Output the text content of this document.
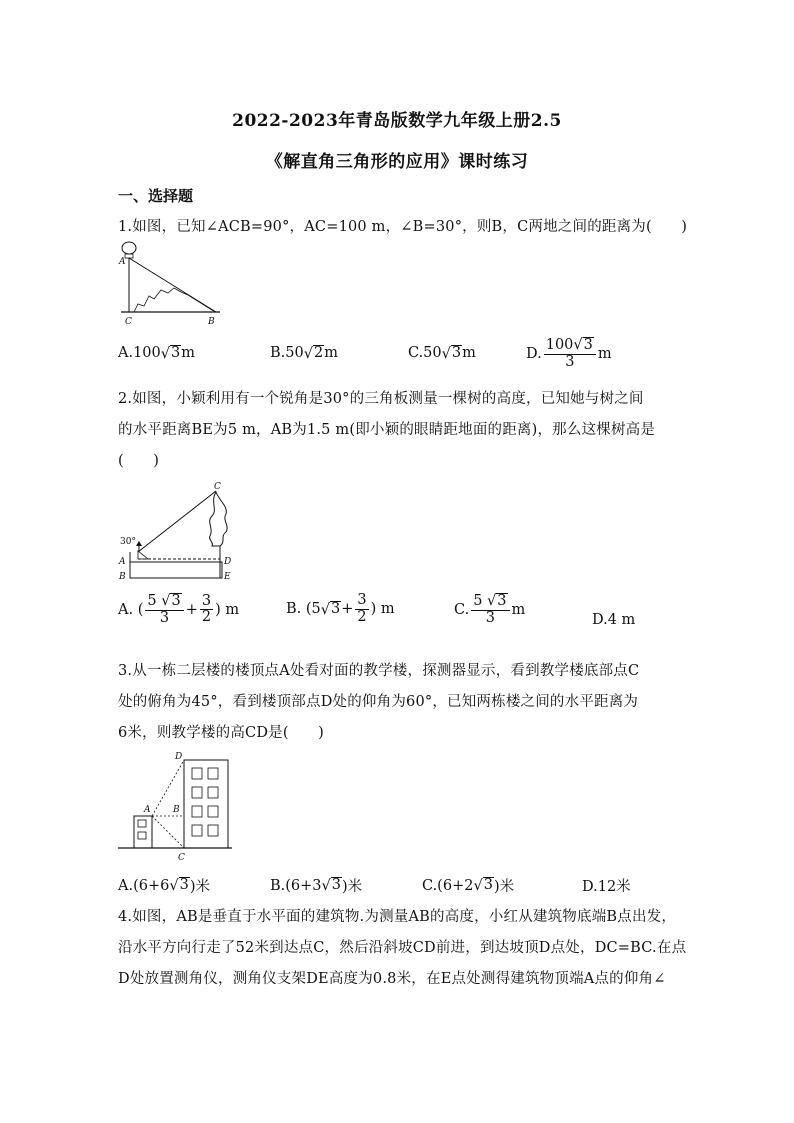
2022-2023年青岛版数学九年级上册2.5
《解直角三角形的应用》课时练习
一、选择题
1.如图，已知∠ACB=90°，AC=100 m，∠B=30°，则B，C两地之间的距离为(　　)
A
C	B
A.100 √ 3 m	B.50 √ 2 m	C.50 √ 3 m	D. $\frac{100 √ 3}{3}$ m
2.如图，小颖利用有一个锐角是30°的三角板测量一棵树的高度，已知她与树之间
的水平距离BE为5 m，AB为1.5 m(即小颖的眼睛距地面的距离)，那么这棵树高是
(　　)
C
30°
A
B
D
E
A. ( $\frac{5 √ 3}{3} + \frac{3}{2}$ ) m	B. (5 √ $3 + \frac{3}{2}$ ) m	C. $\frac{5 √ 3}{3}$ m
D.4 m
3.从一栋二层楼的楼顶点A处看对面的教学楼，探测器显示，看到教学楼底部点C
处的俯角为45°，看到楼顶部点D处的仰角为60°，已知两栋楼之间的水平距离为
6米，则教学楼的高CD是(　　)
D
A	B
C
A.(6+6 √ 3 )米	B.(6+3 √ 3 )米	C.(6+2 √ 3 )米	D.12米
4.如图，AB是垂直于水平面的建筑物.为测量AB的高度，小红从建筑物底端B点出发，
沿水平方向行走了52米到达点C，然后沿斜坡CD前进，到达坡顶D点处，DC=BC.在点
D处放置测角仪，测角仪支架DE高度为0.8米，在E点处测得建筑物顶端A点的仰角∠
